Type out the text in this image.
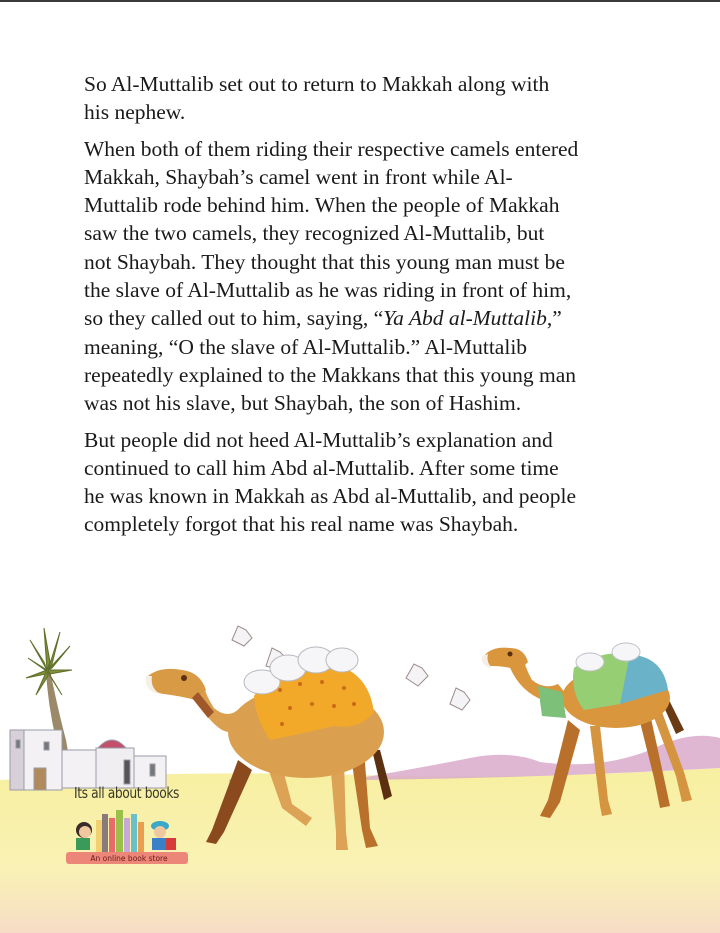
So Al-Muttalib set out to return to Makkah along with
his nephew.

When both of them riding their respective camels entered
Makkah, Shaybah’s camel went in front while Al-
Muttalib rode behind him. When the people of Makkah
saw the two camels, they recognized Al-Muttalib, but
not Shaybah. They thought that this young man must be
the slave of Al-Muttalib as he was riding in front of him,
so they called out to him, saying, “Ya Abd al-Muttalib,”
meaning, “O the slave of Al-Muttalib.” Al-Muttalib
repeatedly explained to the Makkans that this young man
was not his slave, but Shaybah, the son of Hashim.

But people did not heed Al-Muttalib’s explanation and
continued to call him Abd al-Muttalib. After some time
he was known in Makkah as Abd al-Muttalib, and people
completely forgot that his real name was Shaybah.

Its all about books
An online book store
